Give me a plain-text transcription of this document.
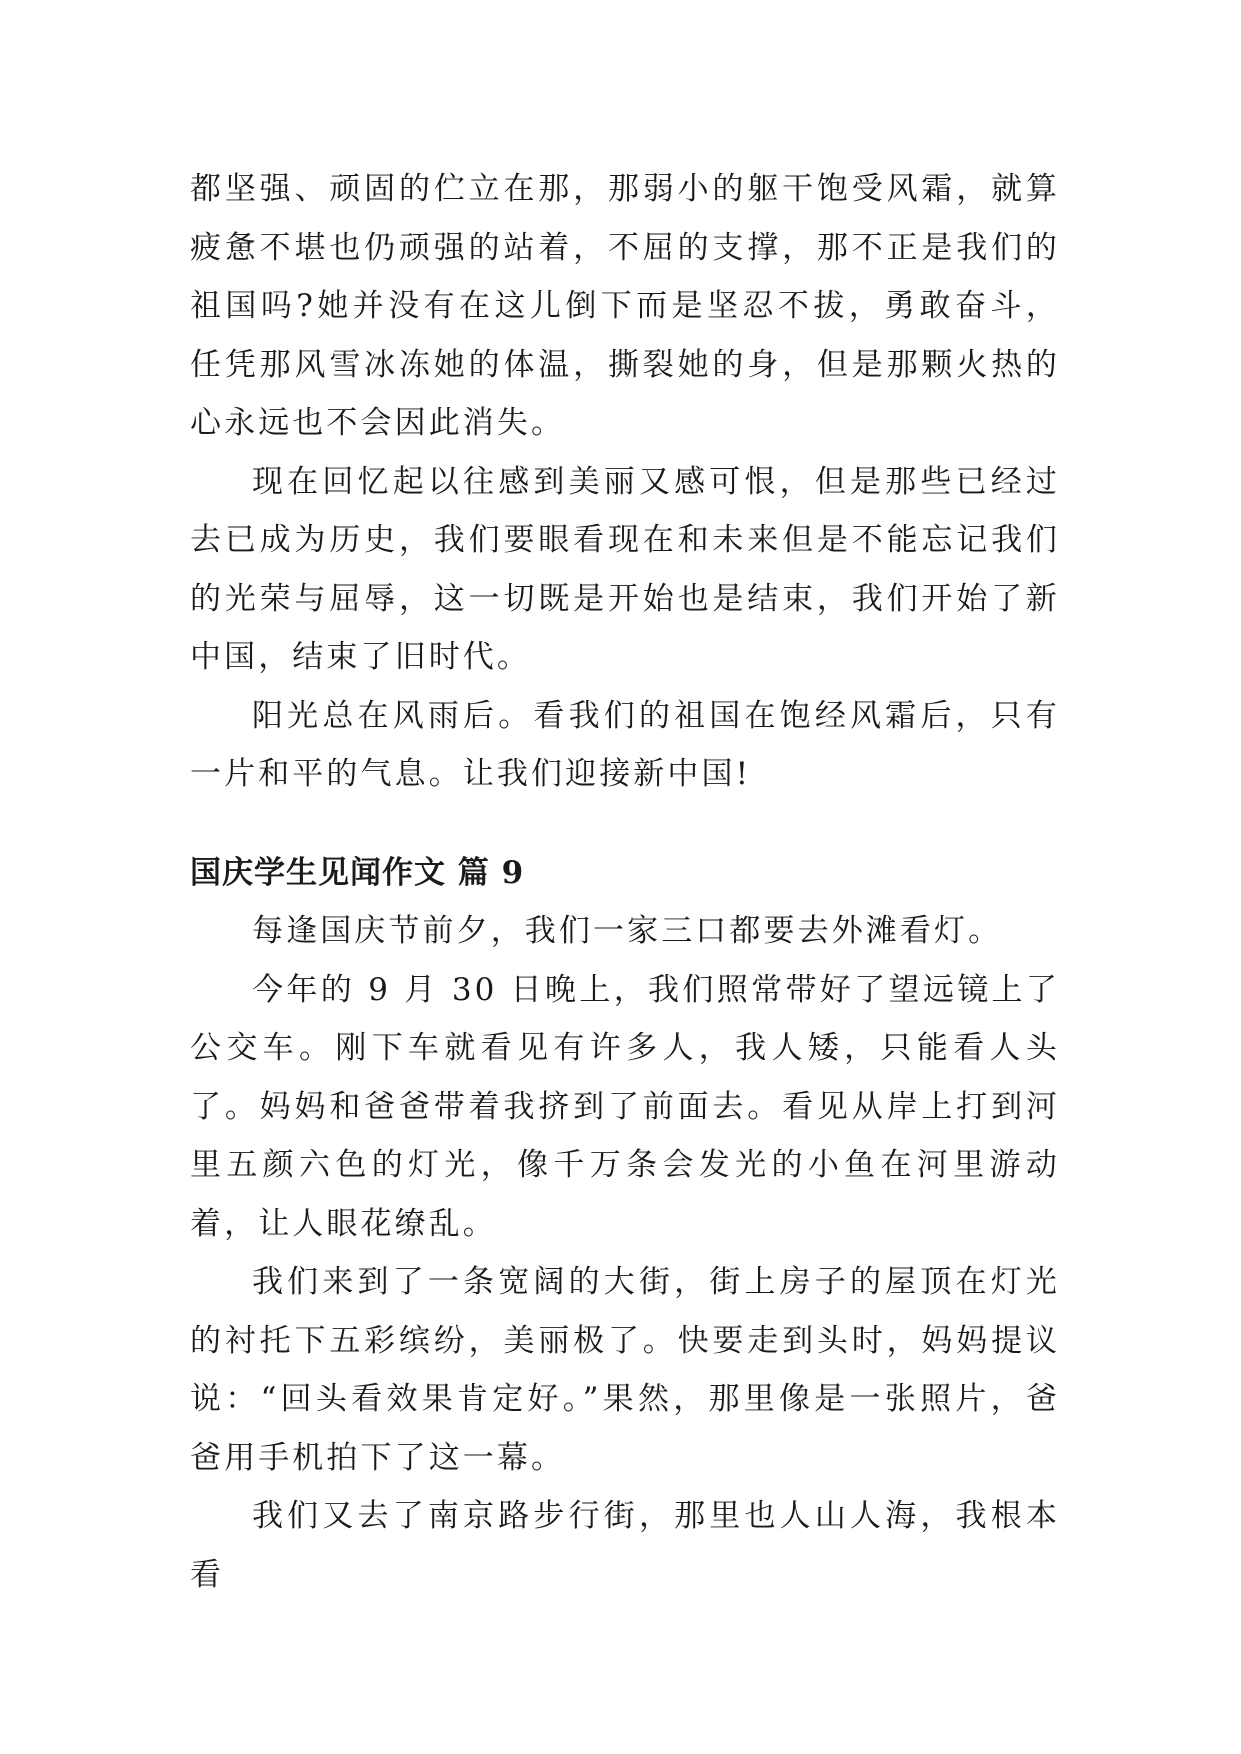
都坚强、顽固的伫立在那，那弱小的躯干饱受风霜，就算疲惫不堪也仍顽强的站着，不屈的支撑，那不正是我们的祖国吗?她并没有在这儿倒下而是坚忍不拔，勇敢奋斗，任凭那风雪冰冻她的体温，撕裂她的身，但是那颗火热的心永远也不会因此消失。

现在回忆起以往感到美丽又感可恨，但是那些已经过去已成为历史，我们要眼看现在和未来但是不能忘记我们的光荣与屈辱，这一切既是开始也是结束，我们开始了新中国，结束了旧时代。

阳光总在风雨后。看我们的祖国在饱经风霜后，只有一片和平的气息。让我们迎接新中国!

国庆学生见闻作文 篇 9

每逢国庆节前夕，我们一家三口都要去外滩看灯。

今年的 9 月 30 日晚上，我们照常带好了望远镜上了公交车。刚下车就看见有许多人，我人矮，只能看人头了。妈妈和爸爸带着我挤到了前面去。看见从岸上打到河里五颜六色的灯光，像千万条会发光的小鱼在河里游动着，让人眼花缭乱。

我们来到了一条宽阔的大街，街上房子的屋顶在灯光的衬托下五彩缤纷，美丽极了。快要走到头时，妈妈提议说：“回头看效果肯定好。”果然，那里像是一张照片，爸爸用手机拍下了这一幕。

我们又去了南京路步行街，那里也人山人海，我根本看
